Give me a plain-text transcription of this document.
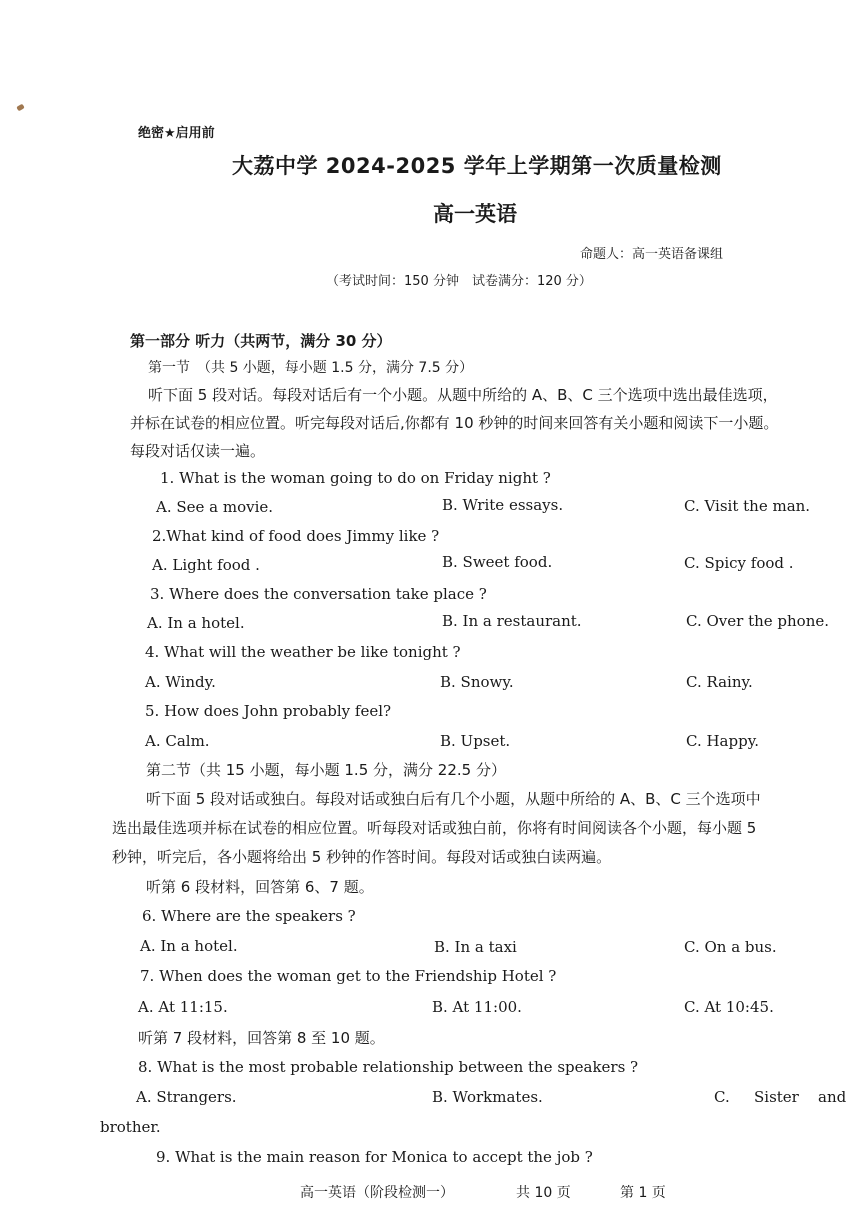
绝密★启用前
大荔中学 2024-2025 学年上学期第一次质量检测
高一英语
命题人：高一英语备课组
（考试时间：150 分钟　试卷满分：120 分）
第一部分 听力（共两节，满分 30 分）
第一节　（共 5 小题，每小题 1.5 分，满分 7.5 分）
听下面 5 段对话。每段对话后有一个小题。从题中所给的 A、B、C 三个选项中选出最佳选项，
并标在试卷的相应位置。听完每段对话后,你都有 10 秒钟的时间来回答有关小题和阅读下一小题。
每段对话仅读一遍。
1. What is the woman going to do on Friday night ?
A. See a movie.	B. Write essays.	C. Visit the man.
2.What kind of food does Jimmy like ?
A. Light food .	B. Sweet food.	C. Spicy food .
3. Where does the conversation take place ?
A. In a hotel.	B. In a restaurant.	C. Over the phone.
4. What will the weather be like tonight ?
A. Windy.	B. Snowy.	C. Rainy.
5. How does John probably feel?
A. Calm.	B. Upset.	C. Happy.
第二节（共 15 小题，每小题 1.5 分，满分 22.5 分）
听下面 5 段对话或独白。每段对话或独白后有几个小题，从题中所给的 A、B、C 三个选项中
选出最佳选项并标在试卷的相应位置。听每段对话或独白前，你将有时间阅读各个小题，每小题 5
秒钟，听完后，各小题将给出 5 秒钟的作答时间。每段对话或独白读两遍。
听第 6 段材料，回答第 6、7 题。
6. Where are the speakers ?
A. In a hotel.	B. In a taxi	C. On a bus.
7. When does the woman get to the Friendship Hotel ?
A. At 11:15.	B. At 11:00.	C. At 10:45.
听第 7 段材料，回答第 8 至 10 题。
8. What is the most probable relationship between the speakers ?
A. Strangers.	B. Workmates.	C. Sister and
brother.
9. What is the main reason for Monica to accept the job ?
高一英语（阶段检测一）	共 10 页	第 1 页
